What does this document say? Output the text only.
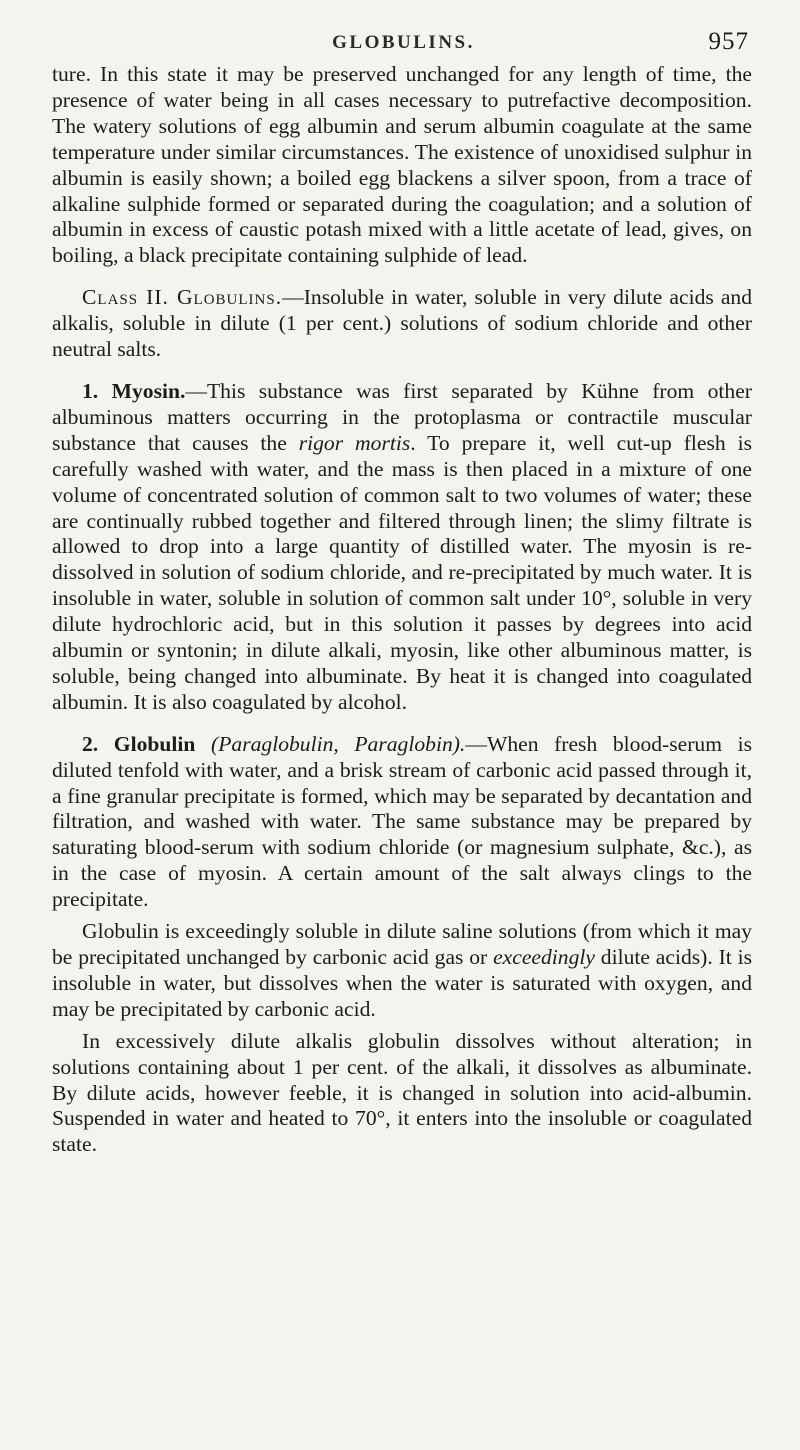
GLOBULINS.	957

ture. In this state it may be preserved unchanged for any length of time, the presence of water being in all cases necessary to putrefactive decomposition. The watery solutions of egg albumin and serum albumin coagulate at the same temperature under similar circumstances. The existence of unoxidised sulphur in albumin is easily shown; a boiled egg blackens a silver spoon, from a trace of alkaline sulphide formed or separated during the coagulation; and a solution of albumin in excess of caustic potash mixed with a little acetate of lead, gives, on boiling, a black precipitate containing sulphide of lead.

Class II. Globulins.—Insoluble in water, soluble in very dilute acids and alkalis, soluble in dilute (1 per cent.) solutions of sodium chloride and other neutral salts.

1. Myosin.—This substance was first separated by Kühne from other albuminous matters occurring in the protoplasma or contractile muscular substance that causes the rigor mortis. To prepare it, well cut-up flesh is carefully washed with water, and the mass is then placed in a mixture of one volume of concentrated solution of common salt to two volumes of water; these are continually rubbed together and filtered through linen; the slimy filtrate is allowed to drop into a large quantity of distilled water. The myosin is re-dissolved in solution of sodium chloride, and re-precipitated by much water. It is insoluble in water, soluble in solution of common salt under 10°, soluble in very dilute hydrochloric acid, but in this solution it passes by degrees into acid albumin or syntonin; in dilute alkali, myosin, like other albuminous matter, is soluble, being changed into albuminate. By heat it is changed into coagulated albumin. It is also coagulated by alcohol.

2. Globulin (Paraglobulin, Paraglobin).—When fresh blood-serum is diluted tenfold with water, and a brisk stream of carbonic acid passed through it, a fine granular precipitate is formed, which may be separated by decantation and filtration, and washed with water. The same substance may be prepared by saturating blood-serum with sodium chloride (or magnesium sulphate, &c.), as in the case of myosin. A certain amount of the salt always clings to the precipitate.

Globulin is exceedingly soluble in dilute saline solutions (from which it may be precipitated unchanged by carbonic acid gas or exceedingly dilute acids). It is insoluble in water, but dissolves when the water is saturated with oxygen, and may be precipitated by carbonic acid.

In excessively dilute alkalis globulin dissolves without alteration; in solutions containing about 1 per cent. of the alkali, it dissolves as albuminate. By dilute acids, however feeble, it is changed in solution into acid-albumin. Suspended in water and heated to 70°, it enters into the insoluble or coagulated state.
